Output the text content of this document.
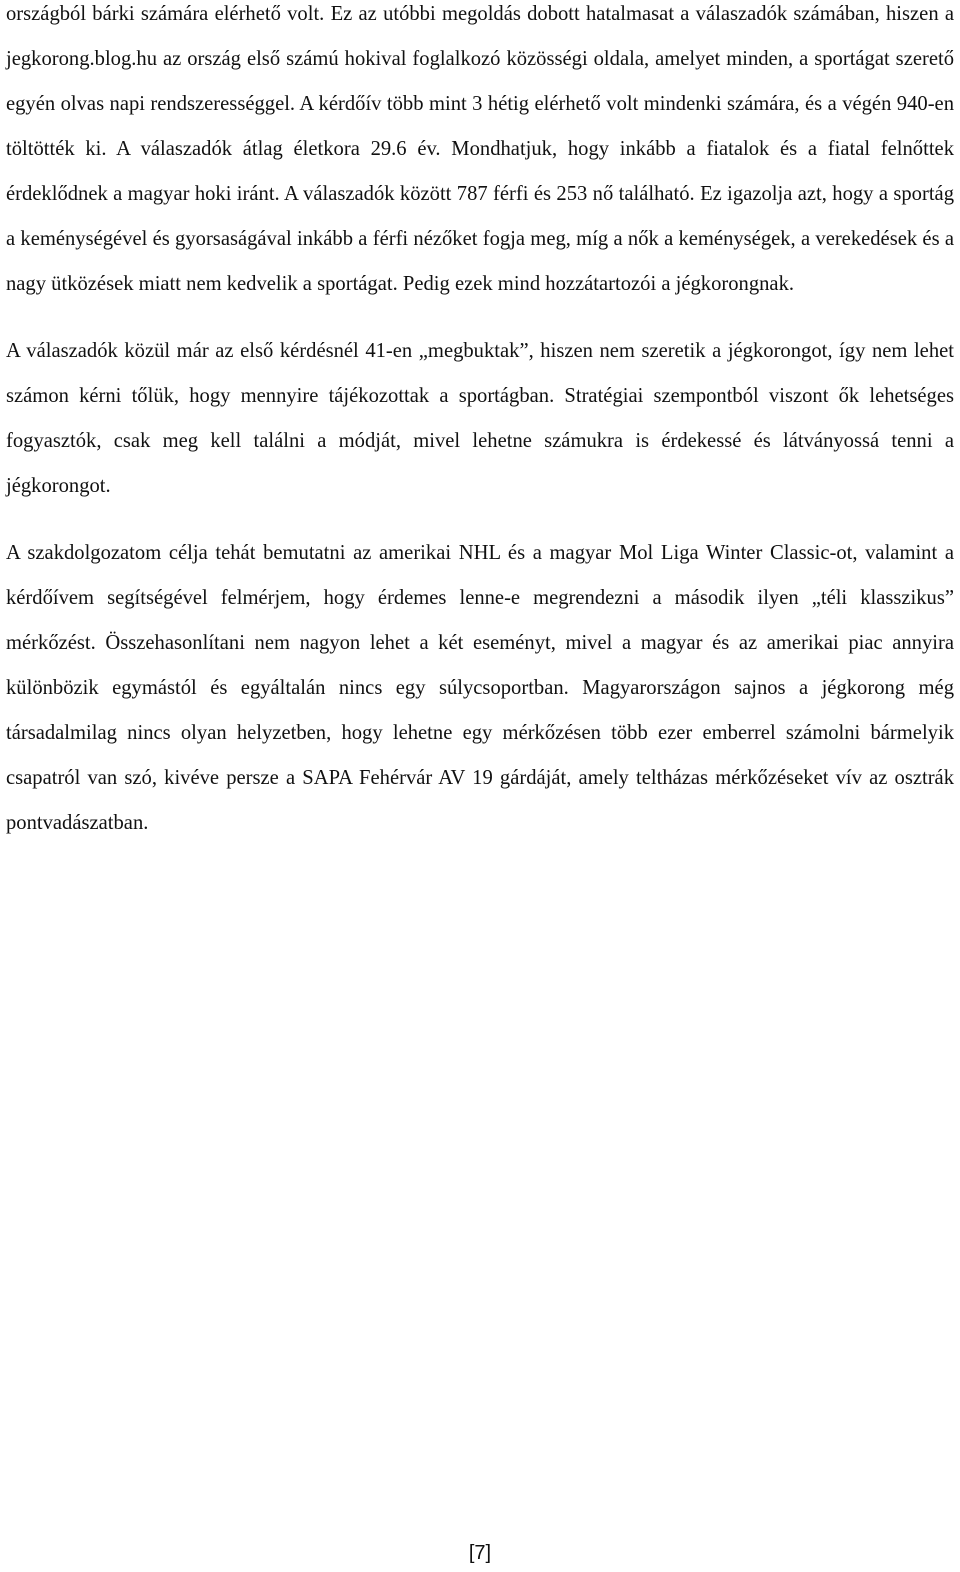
országból bárki számára elérhető volt. Ez az utóbbi megoldás dobott hatalmasat a válaszadók számában, hiszen a jegkorong.blog.hu az ország első számú hokival foglalkozó közösségi oldala, amelyet minden, a sportágat szerető egyén olvas napi rendszerességgel. A kérdőív több mint 3 hétig elérhető volt mindenki számára, és a végén 940-en töltötték ki. A válaszadók átlag életkora 29.6 év. Mondhatjuk, hogy inkább a fiatalok és a fiatal felnőttek érdeklődnek a magyar hoki iránt. A válaszadók között 787 férfi és 253 nő található. Ez igazolja azt, hogy a sportág a keménységével és gyorsaságával inkább a férfi nézőket fogja meg, míg a nők a keménységek, a verekedések és a nagy ütközések miatt nem kedvelik a sportágat. Pedig ezek mind hozzátartozói a jégkorongnak.

A válaszadók közül már az első kérdésnél 41-en „megbuktak”, hiszen nem szeretik a jégkorongot, így nem lehet számon kérni tőlük, hogy mennyire tájékozottak a sportágban. Stratégiai szempontból viszont ők lehetséges fogyasztók, csak meg kell találni a módját, mivel lehetne számukra is érdekessé és látványossá tenni a jégkorongot.

A szakdolgozatom célja tehát bemutatni az amerikai NHL és a magyar Mol Liga Winter Classic-ot, valamint a kérdőívem segítségével felmérjem, hogy érdemes lenne-e megrendezni a második ilyen „téli klasszikus” mérkőzést. Összehasonlítani nem nagyon lehet a két eseményt, mivel a magyar és az amerikai piac annyira különbözik egymástól és egyáltalán nincs egy súlycsoportban. Magyarországon sajnos a jégkorong még társadalmilag nincs olyan helyzetben, hogy lehetne egy mérkőzésen több ezer emberrel számolni bármelyik csapatról van szó, kivéve persze a SAPA Fehérvár AV 19 gárdáját, amely teltházas mérkőzéseket vív az osztrák pontvadászatban.

[7]
